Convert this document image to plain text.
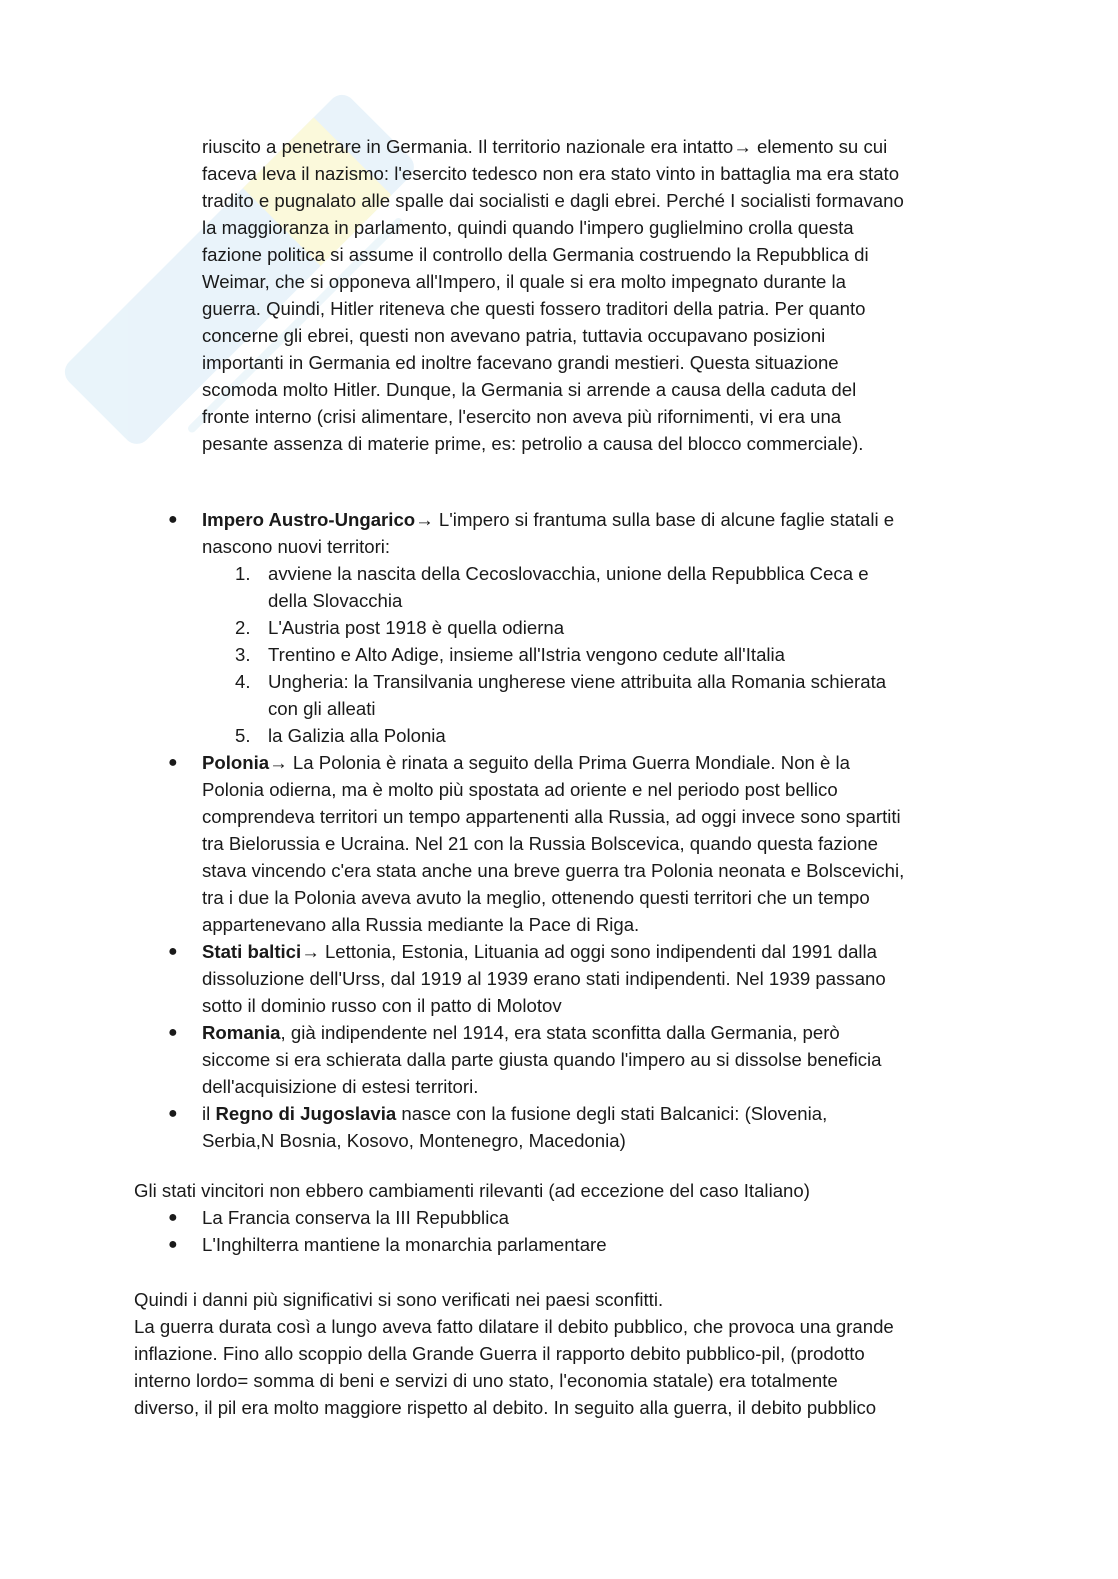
riuscito a penetrare in Germania. Il territorio nazionale era intatto→ elemento su cui
faceva leva il nazismo: l'esercito tedesco non era stato vinto in battaglia ma era stato
tradito e pugnalato alle spalle dai socialisti e dagli ebrei. Perché I socialisti formavano
la maggioranza in parlamento, quindi quando l'impero guglielmino crolla questa
fazione politica si assume il controllo della Germania costruendo la Repubblica di
Weimar, che si opponeva all'Impero, il quale si era molto impegnato durante la
guerra. Quindi, Hitler riteneva che questi fossero traditori della patria. Per quanto
concerne gli ebrei, questi non avevano patria, tuttavia occupavano posizioni
importanti in Germania ed inoltre facevano grandi mestieri. Questa situazione
scomoda molto Hitler. Dunque, la Germania si arrende a causa della caduta del
fronte interno (crisi alimentare, l'esercito non aveva più rifornimenti, vi era una
pesante assenza di materie prime, es: petrolio a causa del blocco commerciale).
●	Impero Austro-Ungarico→ L'impero si frantuma sulla base di alcune faglie statali e
nascono nuovi territori:
1. avviene la nascita della Cecoslovacchia, unione della Repubblica Ceca e
della Slovacchia
2. L'Austria post 1918 è quella odierna
3. Trentino e Alto Adige, insieme all'Istria vengono cedute all'Italia
4. Ungheria: la Transilvania ungherese viene attribuita alla Romania schierata
con gli alleati
5. la Galizia alla Polonia
●	Polonia→ La Polonia è rinata a seguito della Prima Guerra Mondiale. Non è la
Polonia odierna, ma è molto più spostata ad oriente e nel periodo post bellico
comprendeva territori un tempo appartenenti alla Russia, ad oggi invece sono spartiti
tra Bielorussia e Ucraina. Nel 21 con la Russia Bolscevica, quando questa fazione
stava vincendo c'era stata anche una breve guerra tra Polonia neonata e Bolscevichi,
tra i due la Polonia aveva avuto la meglio, ottenendo questi territori che un tempo
appartenevano alla Russia mediante la Pace di Riga.
●	Stati baltici→ Lettonia, Estonia, Lituania ad oggi sono indipendenti dal 1991 dalla
dissoluzione dell'Urss, dal 1919 al 1939 erano stati indipendenti. Nel 1939 passano
sotto il dominio russo con il patto di Molotov
●	Romania, già indipendente nel 1914, era stata sconfitta dalla Germania, però
siccome si era schierata dalla parte giusta quando l'impero au si dissolse beneficia
dell'acquisizione di estesi territori.
●	il Regno di Jugoslavia nasce con la fusione degli stati Balcanici: (Slovenia,
Serbia,N Bosnia, Kosovo, Montenegro, Macedonia)
Gli stati vincitori non ebbero cambiamenti rilevanti (ad eccezione del caso Italiano)
●	La Francia conserva la III Repubblica
●	L'Inghilterra mantiene la monarchia parlamentare
Quindi i danni più significativi si sono verificati nei paesi sconfitti.
La guerra durata così a lungo aveva fatto dilatare il debito pubblico, che provoca una grande
inflazione. Fino allo scoppio della Grande Guerra il rapporto debito pubblico-pil, (prodotto
interno lordo= somma di beni e servizi di uno stato, l'economia statale) era totalmente
diverso, il pil era molto maggiore rispetto al debito. In seguito alla guerra, il debito pubblico
